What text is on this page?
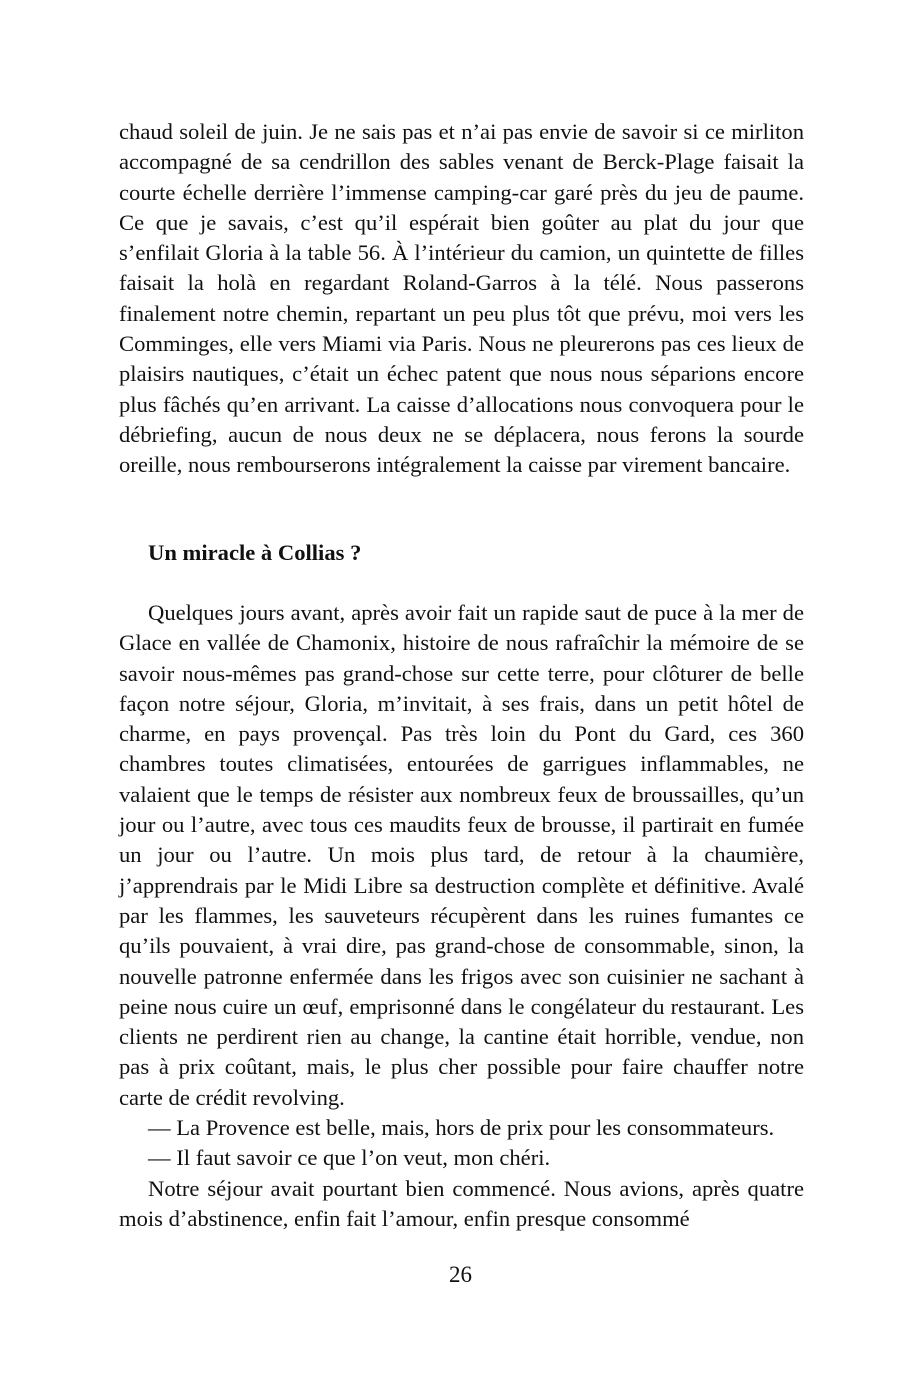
chaud soleil de juin. Je ne sais pas et n’ai pas envie de savoir si ce mirliton accompagné de sa cendrillon des sables venant de Berck-Plage faisait la courte échelle derrière l’immense camping-car garé près du jeu de paume. Ce que je savais, c’est qu’il espérait bien goûter au plat du jour que s’enfilait Gloria à la table 56. À l’intérieur du camion, un quintette de filles faisait la holà en regardant Roland-Garros à la télé. Nous passerons finalement notre chemin, repartant un peu plus tôt que prévu, moi vers les Comminges, elle vers Miami via Paris. Nous ne pleurerons pas ces lieux de plaisirs nautiques, c’était un échec patent que nous nous séparions encore plus fâchés qu’en arrivant. La caisse d’allocations nous convoquera pour le débriefing, aucun de nous deux ne se déplacera, nous ferons la sourde oreille, nous rembourserons intégralement la caisse par virement bancaire.

Un miracle à Collias ?

Quelques jours avant, après avoir fait un rapide saut de puce à la mer de Glace en vallée de Chamonix, histoire de nous rafraîchir la mémoire de se savoir nous-mêmes pas grand-chose sur cette terre, pour clôturer de belle façon notre séjour, Gloria, m’invitait, à ses frais, dans un petit hôtel de charme, en pays provençal. Pas très loin du Pont du Gard, ces 360 chambres toutes climatisées, entourées de garrigues inflammables, ne valaient que le temps de résister aux nombreux feux de broussailles, qu’un jour ou l’autre, avec tous ces maudits feux de brousse, il partirait en fumée un jour ou l’autre. Un mois plus tard, de retour à la chaumière, j’apprendrais par le Midi Libre sa destruction complète et définitive. Avalé par les flammes, les sauveteurs récupèrent dans les ruines fumantes ce qu’ils pouvaient, à vrai dire, pas grand-chose de consommable, sinon, la nouvelle patronne enfermée dans les frigos avec son cuisinier ne sachant à peine nous cuire un œuf, emprisonné dans le congélateur du restaurant. Les clients ne perdirent rien au change, la cantine était horrible, vendue, non pas à prix coûtant, mais, le plus cher possible pour faire chauffer notre carte de crédit revolving.

— La Provence est belle, mais, hors de prix pour les consommateurs.

— Il faut savoir ce que l’on veut, mon chéri.

Notre séjour avait pourtant bien commencé. Nous avions, après quatre mois d’abstinence, enfin fait l’amour, enfin presque consommé

26
